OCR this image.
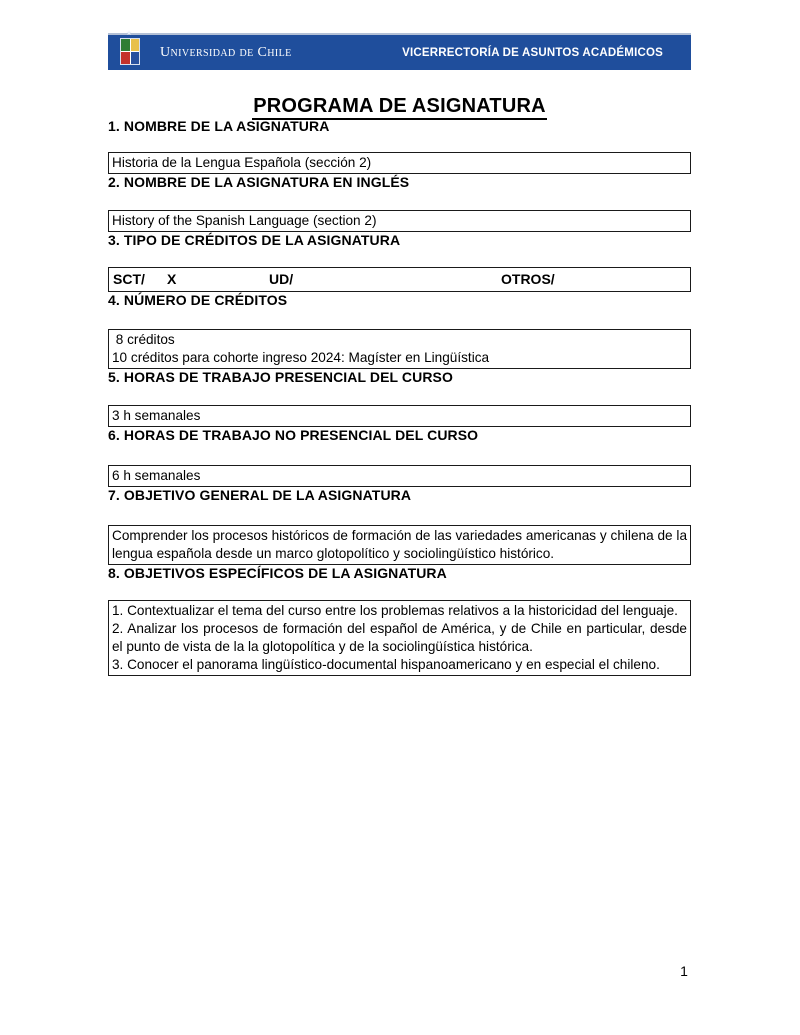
★
Universidad de Chile	VICERRECTORÍA DE ASUNTOS ACADÉMICOS
PROGRAMA DE ASIGNATURA
1. NOMBRE DE LA ASIGNATURA
Historia de la Lengua Española (sección 2)
2. NOMBRE DE LA ASIGNATURA EN INGLÉS
History of the Spanish Language (section 2)
3. TIPO DE CRÉDITOS DE LA ASIGNATURA
SCT/ X	UD/	OTROS/
4. NÚMERO DE CRÉDITOS
8 créditos
10 créditos para cohorte ingreso 2024: Magíster en Lingüística
5. HORAS DE TRABAJO PRESENCIAL DEL CURSO
3 h semanales
6. HORAS DE TRABAJO NO PRESENCIAL DEL CURSO
6 h semanales
7. OBJETIVO GENERAL DE LA ASIGNATURA
Comprender los procesos históricos de formación de las variedades americanas y chilena de la lengua española desde un marco glotopolítico y sociolingüístico histórico.
8. OBJETIVOS ESPECÍFICOS DE LA ASIGNATURA

1. Contextualizar el tema del curso entre los problemas relativos a la historicidad del lenguaje.

2. Analizar los procesos de formación del español de América, y de Chile en particular, desde el punto de vista de la la glotopolítica y de la sociolingüística histórica.

3. Conocer el panorama lingüístico-documental hispanoamericano y en especial el chileno.

1
